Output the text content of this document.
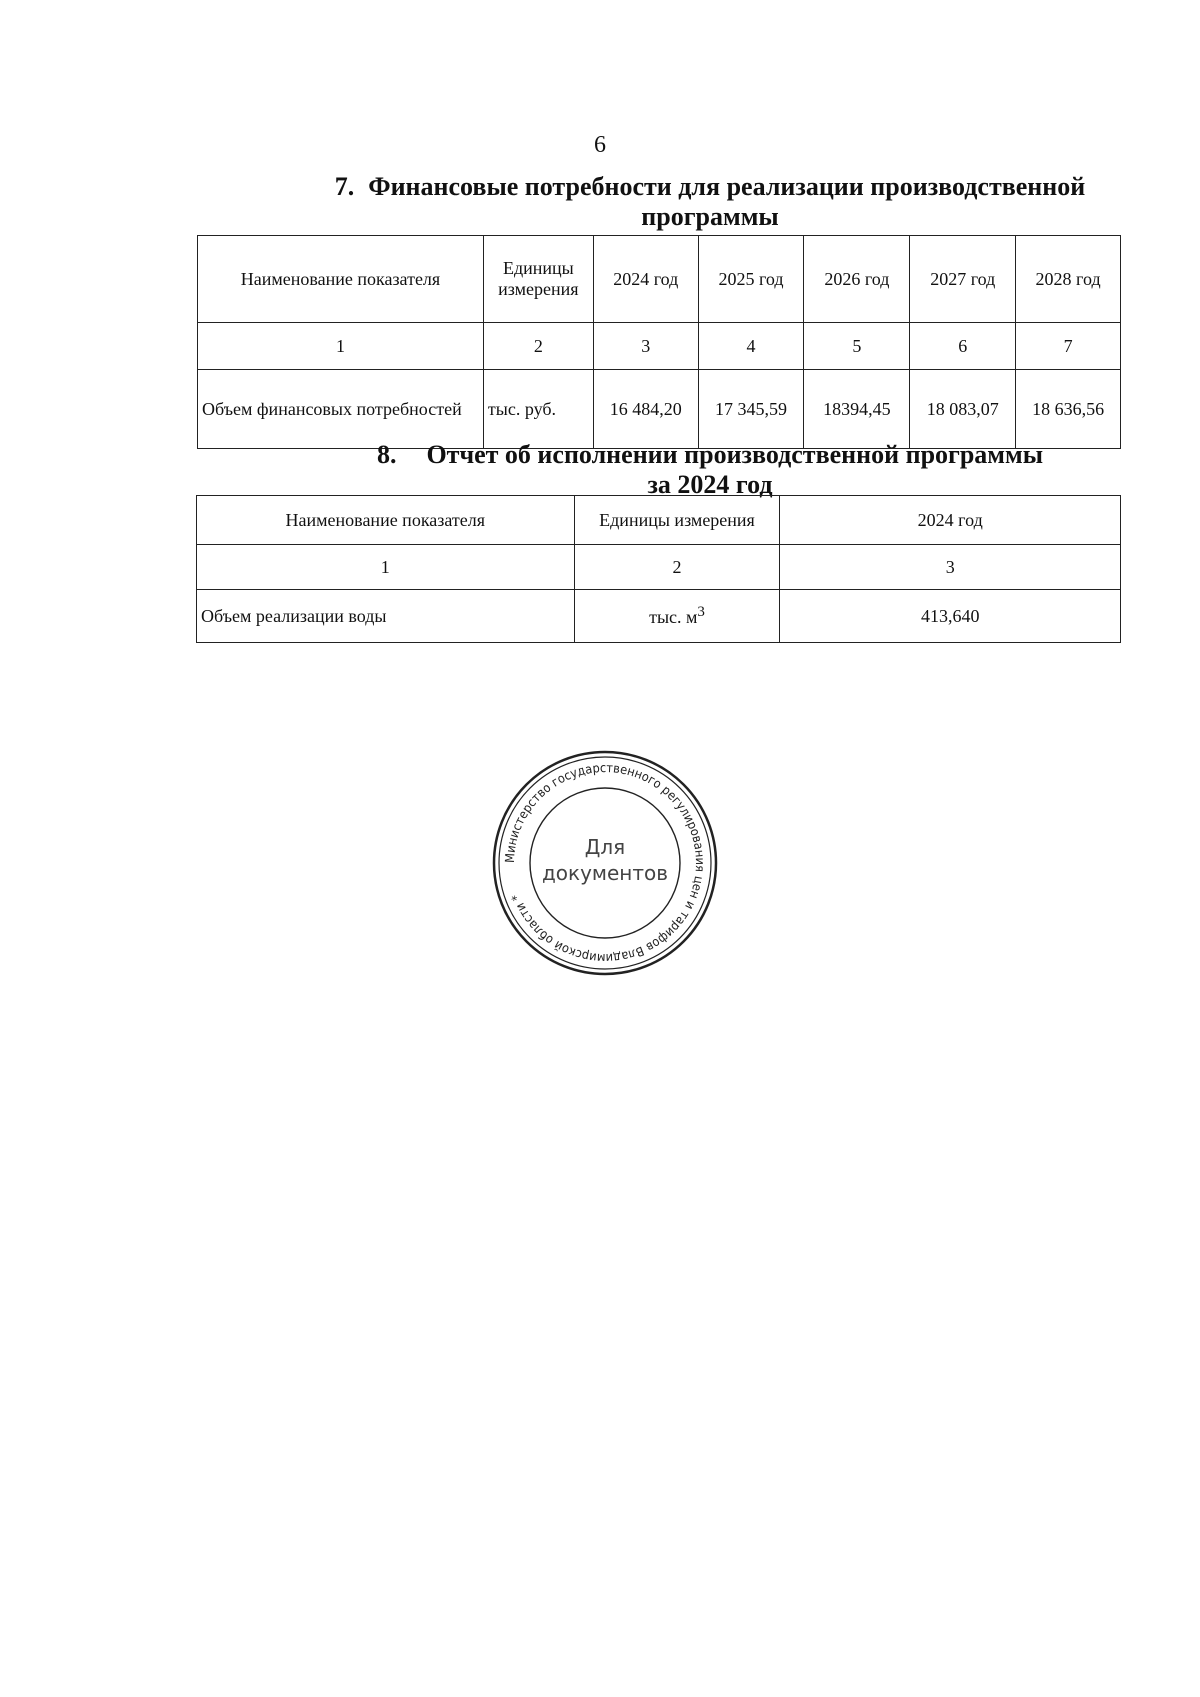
6
7. Финансовые потребности для реализации производственной
программы
Наименование показателя	Единицы измерения	2024 год	2025 год	2026 год	2027 год	2028 год
1	2	3	4	5	6	7
Объем финансовых потребностей	тыс. руб.	16 484,20	17 345,59	18394,45	18 083,07	18 636,56
8. Отчет об исполнении производственной программы
за 2024 год
Наименование показателя	Единицы измерения	2024 год
1	2	3
Объем реализации воды	тыс. $м^3$	413,640
Министерство государственного регулирования цен и тарифов Владимирской области *
Для
документов
